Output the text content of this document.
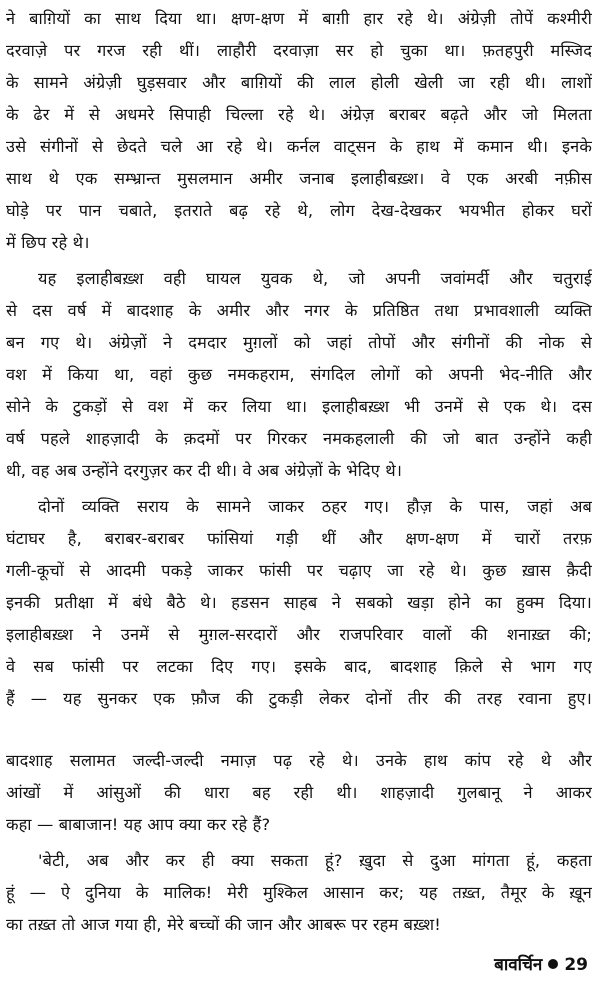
ने बाग़ियों का साथ दिया था। क्षण-क्षण में बाग़ी हार रहे थे। अंग्रेज़ी तोपें कश्मीरी
दरवाज़े पर गरज रही थीं। लाहौरी दरवाज़ा सर हो चुका था। फ़तहपुरी मस्जिद
के सामने अंग्रेज़ी घुड़सवार और बाग़ियों की लाल होली खेली जा रही थी। लाशों
के ढेर में से अधमरे सिपाही चिल्ला रहे थे। अंग्रेज़ बराबर बढ़ते और जो मिलता
उसे संगीनों से छेदते चले आ रहे थे। कर्नल वाट्सन के हाथ में कमान थी। इनके
साथ थे एक सम्भ्रान्त मुसलमान अमीर जनाब इलाहीबख़्श। वे एक अरबी नफ़ीस
घोड़े पर पान चबाते, इतराते बढ़ रहे थे, लोग देख-देखकर भयभीत होकर घरों
में छिप रहे थे।
यह इलाहीबख़्श वही घायल युवक थे, जो अपनी जवांमर्दी और चतुराई
से दस वर्ष में बादशाह के अमीर और नगर के प्रतिष्ठित तथा प्रभावशाली व्यक्ति
बन गए थे। अंग्रेज़ों ने दमदार मुग़लों को जहां तोपों और संगीनों की नोक से
वश में किया था, वहां कुछ नमकहराम, संगदिल लोगों को अपनी भेद-नीति और
सोने के टुकड़ों से वश में कर लिया था। इलाहीबख़्श भी उनमें से एक थे। दस
वर्ष पहले शाहज़ादी के क़दमों पर गिरकर नमकहलाली की जो बात उन्होंने कही
थी, वह अब उन्होंने दरगुज़र कर दी थी। वे अब अंग्रेज़ों के भेदिए थे।
दोनों व्यक्ति सराय के सामने जाकर ठहर गए। हौज़ के पास, जहां अब
घंटाघर है, बराबर-बराबर फांसियां गड़ी थीं और क्षण-क्षण में चारों तरफ़
गली-कूचों से आदमी पकड़े जाकर फांसी पर चढ़ाए जा रहे थे। कुछ ख़ास क़ैदी
इनकी प्रतीक्षा में बंधे बैठे थे। हडसन साहब ने सबको खड़ा होने का हुक्म दिया।
इलाहीबख़्श ने उनमें से मुग़ल-सरदारों और राजपरिवार वालों की शनाख़्त की;
वे सब फांसी पर लटका दिए गए। इसके बाद, बादशाह क़िले से भाग गए
हैं — यह सुनकर एक फ़ौज की टुकड़ी लेकर दोनों तीर की तरह रवाना हुए।
बादशाह सलामत जल्दी-जल्दी नमाज़ पढ़ रहे थे। उनके हाथ कांप रहे थे और
आंखों में आंसुओं की धारा बह रही थी। शाहज़ादी गुलबानू ने आकर
कहा — बाबाजान! यह आप क्या कर रहे हैं?
'बेटी, अब और कर ही क्या सकता हूं? ख़ुदा से दुआ मांगता हूं, कहता
हूं — ऐ दुनिया के मालिक! मेरी मुश्किल आसान कर; यह तख़्त, तैमूर के ख़ून
का तख़्त तो आज गया ही, मेरे बच्चों की जान और आबरू पर रहम बख़्श!
बावर्चिन 29
